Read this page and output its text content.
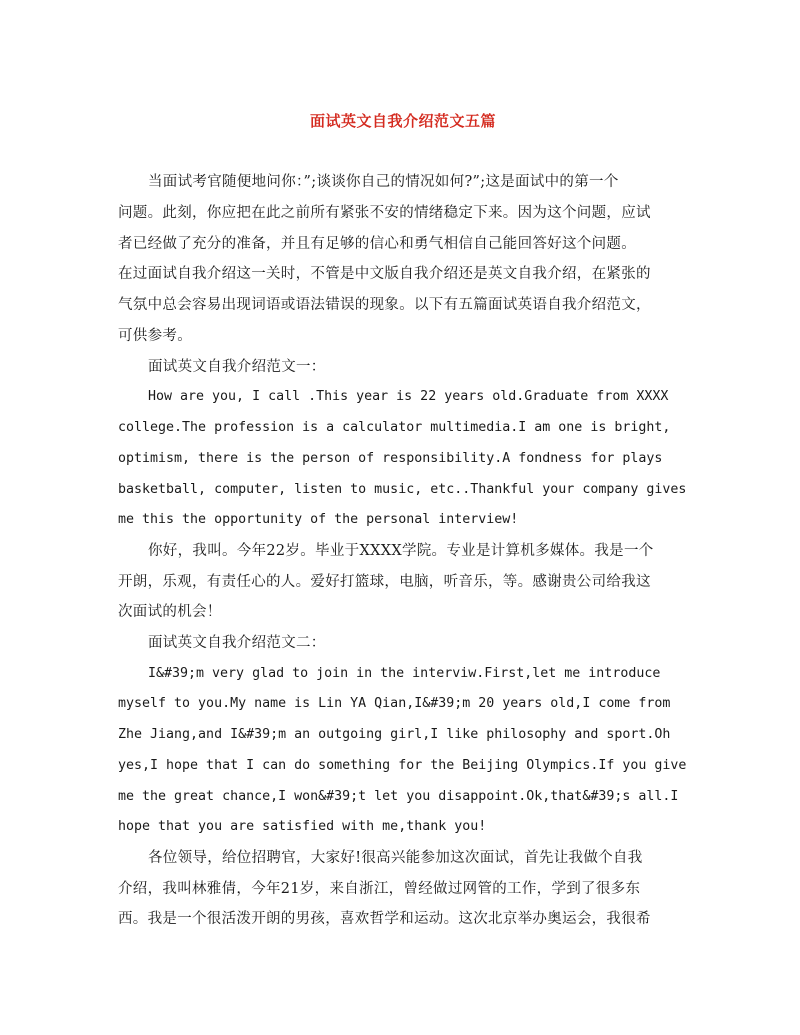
面试英文自我介绍范文五篇
当面试考官随便地问你：”;谈谈你自己的情况如何?”;这是面试中的第一个
问题。此刻，你应把在此之前所有紧张不安的情绪稳定下来。因为这个问题，应试
者已经做了充分的准备，并且有足够的信心和勇气相信自己能回答好这个问题。
在过面试自我介绍这一关时，不管是中文版自我介绍还是英文自我介绍，在紧张的
气氛中总会容易出现词语或语法错误的现象。以下有五篇面试英语自我介绍范文，
可供参考。
面试英文自我介绍范文一：
How are you, I call .This year is 22 years old.Graduate from XXXX
college.The profession is a calculator multimedia.I am one is bright,
optimism, there is the person of responsibility.A fondness for plays
basketball, computer, listen to music, etc..Thankful your company gives
me this the opportunity of the personal interview!
你好，我叫。今年22岁。毕业于XXXX学院。专业是计算机多媒体。我是一个
开朗，乐观，有责任心的人。爱好打篮球，电脑，听音乐，等。感谢贵公司给我这
次面试的机会！
面试英文自我介绍范文二：
I&#39;m very glad to join in the interviw.First,let me introduce
myself to you.My name is Lin YA Qian,I&#39;m 20 years old,I come from
Zhe Jiang,and I&#39;m an outgoing girl,I like philosophy and sport.Oh
yes,I hope that I can do something for the Beijing Olympics.If you give
me the great chance,I won&#39;t let you disappoint.Ok,that&#39;s all.I
hope that you are satisfied with me,thank you!
各位领导，给位招聘官，大家好!很高兴能参加这次面试，首先让我做个自我
介绍，我叫林雅倩，今年21岁，来自浙江，曾经做过网管的工作，学到了很多东
西。我是一个很活泼开朗的男孩，喜欢哲学和运动。这次北京举办奥运会，我很希
